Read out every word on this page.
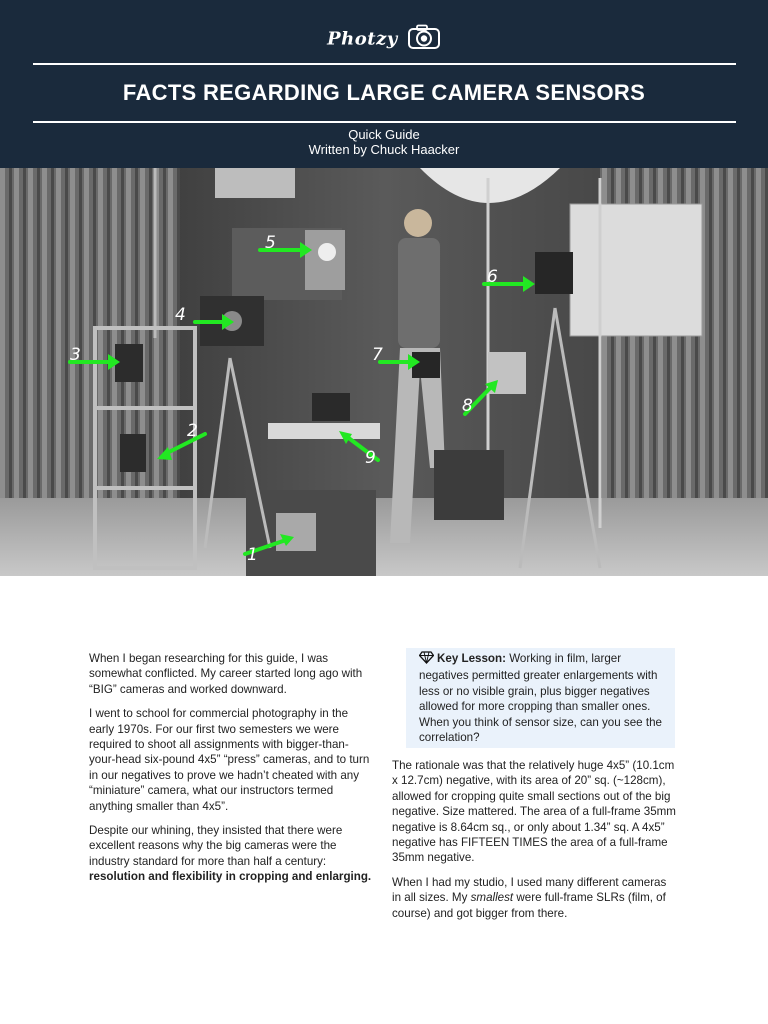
Photzy
FACTS REGARDING LARGE CAMERA SENSORS
Quick Guide
Written by Chuck Haacker
1
2
3
4
5
6
7
8
9

When I began researching for this guide, I was somewhat conflicted. My career started long ago with “BIG” cameras and worked downward.

I went to school for commercial photography in the early 1970s. For our first two semesters we were required to shoot all assignments with bigger-than-your-head six-pound 4x5” “press” cameras, and to turn in our negatives to prove we hadn’t cheated with any “miniature” camera, what our instructors termed anything smaller than 4x5”.

Despite our whining, they insisted that there were excellent reasons why the big cameras were the industry standard for more than half a century: resolution and flexibility in cropping and enlarging.

Key Lesson: Working in film, larger negatives permitted greater enlargements with less or no visible grain, plus bigger negatives allowed for more cropping than smaller ones. When you think of sensor size, can you see the correlation?

The rationale was that the relatively huge 4x5” (10.1cm x 12.7cm) negative, with its area of 20” sq. (~128cm), allowed for cropping quite small sections out of the big negative. Size mattered. The area of a full-frame 35mm negative is 8.64cm sq., or only about 1.34” sq. A 4x5” negative has FIFTEEN TIMES the area of a full-frame 35mm negative.

When I had my studio, I used many different cameras in all sizes. My smallest were full-frame SLRs (film, of course) and got bigger from there.
